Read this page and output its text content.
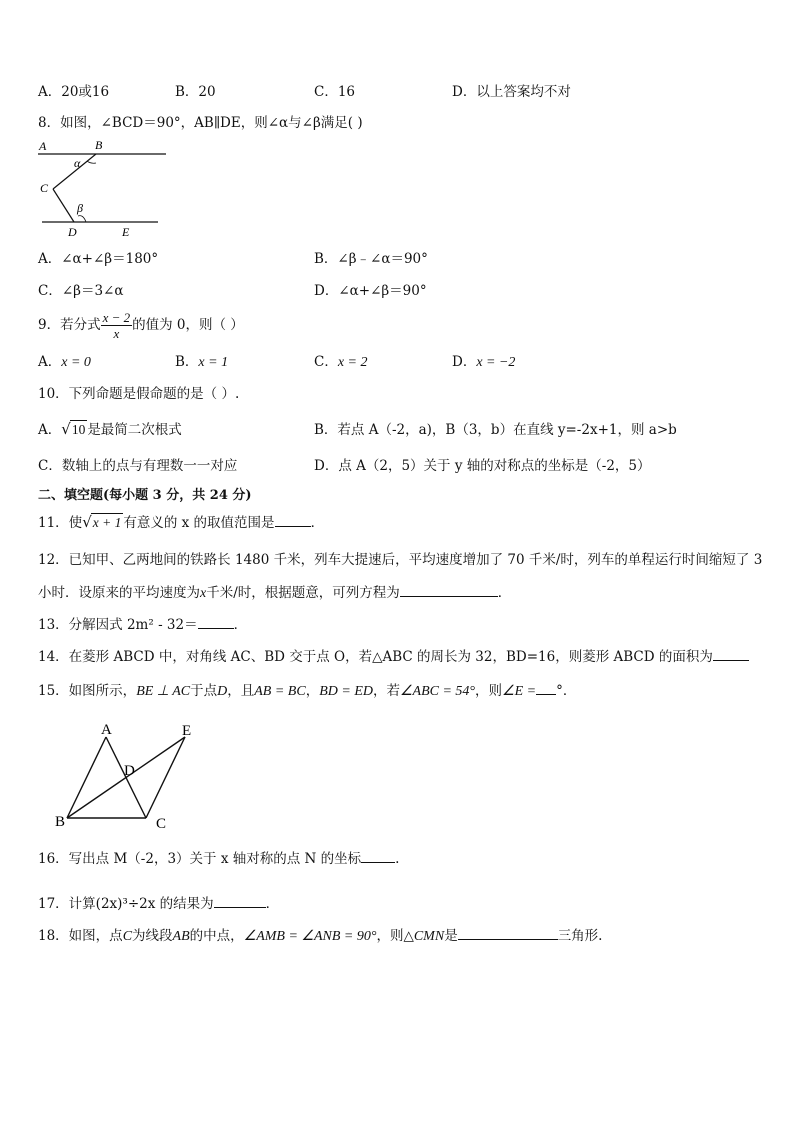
A．20或16	B．20	C．16	D．以上答案均不对
8．如图，∠BCD＝90°，AB∥DE，则∠α与∠β满足( )
A	B
α
C
β
D	E
A．∠α+∠β＝180°	B．∠β﹣∠α＝90°
C．∠β＝3∠α	D．∠α+∠β＝90°
9．若分式 $\frac{x - 2}{x}$ 的值为 0，则（ ）
A．x = 0	B．x = 1	C．x = 2	D．x = −2
10．下列命题是假命题的是（ ）.
A．√10 是最简二次根式	B．若点 A（-2，a)，B（3，b）在直线 y=-2x+1，则 a>b
C．数轴上的点与有理数一一对应	D．点 A（2，5）关于 y 轴的对称点的坐标是（-2，5）
二、填空题(每小题 3 分，共 24 分)
11．使√x + 1 有意义的 x 的取值范围是	．
12．已知甲、乙两地间的铁路长 1480 千米，列车大提速后，平均速度增加了 70 千米/时，列车的单程运行时间缩短了 3
小时．设原来的平均速度为x千米/时，根据题意，可列方程为	．
13．分解因式 2m² - 32＝	．
14．在菱形 ABCD 中，对角线 AC、BD 交于点 O，若△ABC 的周长为 32，BD=16，则菱形 ABCD 的面积为
15．如图所示，BE ⊥ AC于点D，且AB = BC，BD = ED，若∠ABC = 54°，则∠E = °．
A	E
D
B	C
16．写出点 M（-2，3）关于 x 轴对称的点 N 的坐标	.
17．计算(2x)³÷2x 的结果为	．
18．如图，点C为线段AB的中点，∠AMB = ∠ANB = 90°，则△CMN是	三角形.
